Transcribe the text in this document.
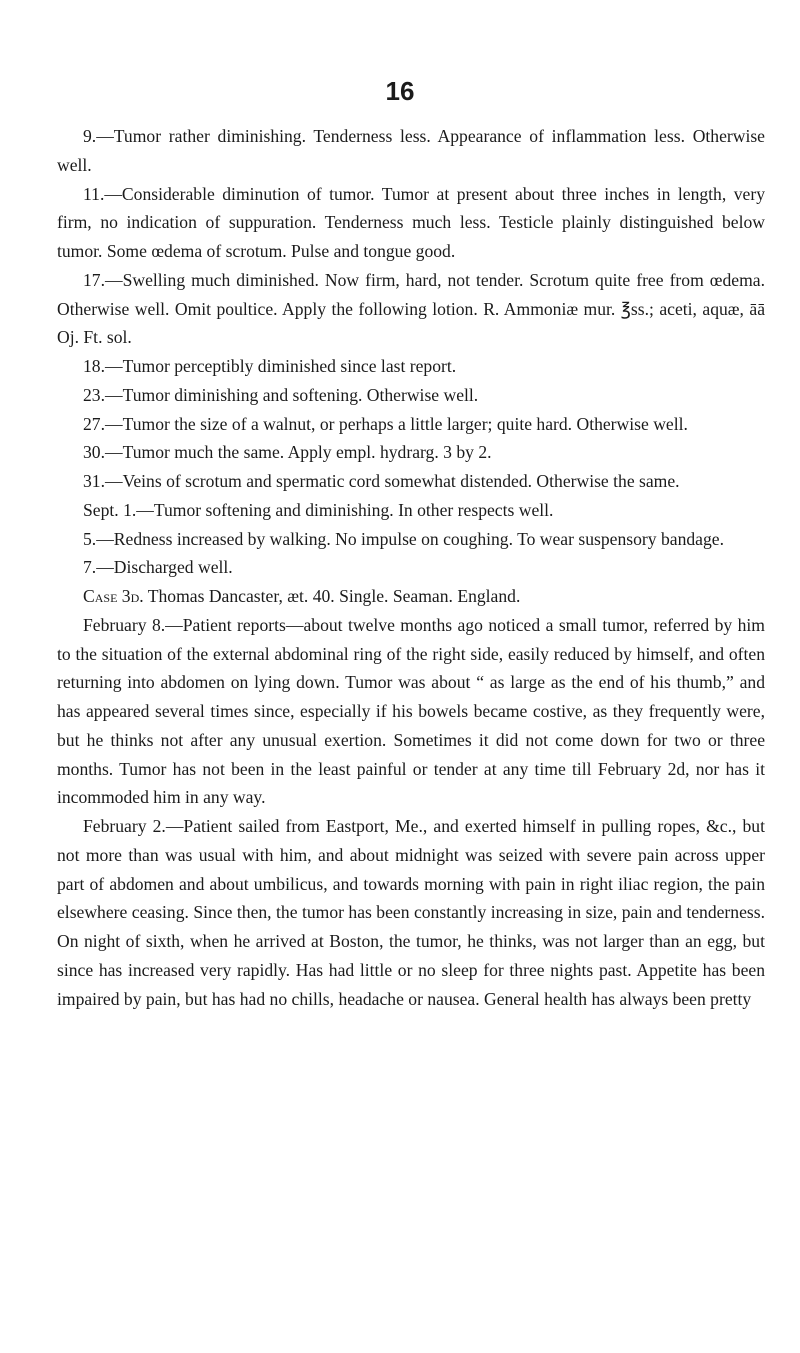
16

9.—Tumor rather diminishing. Tenderness less. Appearance of inflammation less. Otherwise well.

11.—Considerable diminution of tumor. Tumor at present about three inches in length, very firm, no indication of suppuration. Tenderness much less. Testicle plainly distinguished below tumor. Some œdema of scrotum. Pulse and tongue good.

17.—Swelling much diminished. Now firm, hard, not tender. Scrotum quite free from œdema. Otherwise well. Omit poultice. Apply the following lotion. R. Ammoniæ mur. ℥ss.; aceti, aquæ, āā Oj. Ft. sol.

18.—Tumor perceptibly diminished since last report.

23.—Tumor diminishing and softening. Otherwise well.

27.—Tumor the size of a walnut, or perhaps a little larger; quite hard. Otherwise well.

30.—Tumor much the same. Apply empl. hydrarg. 3 by 2.

31.—Veins of scrotum and spermatic cord somewhat distended. Otherwise the same.

Sept. 1.—Tumor softening and diminishing. In other respects well.

5.—Redness increased by walking. No impulse on coughing. To wear suspensory bandage.

7.—Discharged well.

Case 3d. Thomas Dancaster, æt. 40. Single. Seaman. England.

February 8.—Patient reports—about twelve months ago noticed a small tumor, referred by him to the situation of the external abdominal ring of the right side, easily reduced by himself, and often returning into abdomen on lying down. Tumor was about “ as large as the end of his thumb,” and has appeared several times since, especially if his bowels became costive, as they frequently were, but he thinks not after any unusual exertion. Sometimes it did not come down for two or three months. Tumor has not been in the least painful or tender at any time till February 2d, nor has it incommoded him in any way.

February 2.—Patient sailed from Eastport, Me., and exerted himself in pulling ropes, &c., but not more than was usual with him, and about midnight was seized with severe pain across upper part of abdomen and about umbilicus, and towards morning with pain in right iliac region, the pain elsewhere ceasing. Since then, the tumor has been constantly increasing in size, pain and tenderness. On night of sixth, when he arrived at Boston, the tumor, he thinks, was not larger than an egg, but since has increased very rapidly. Has had little or no sleep for three nights past. Appetite has been impaired by pain, but has had no chills, headache or nausea. General health has always been pretty
